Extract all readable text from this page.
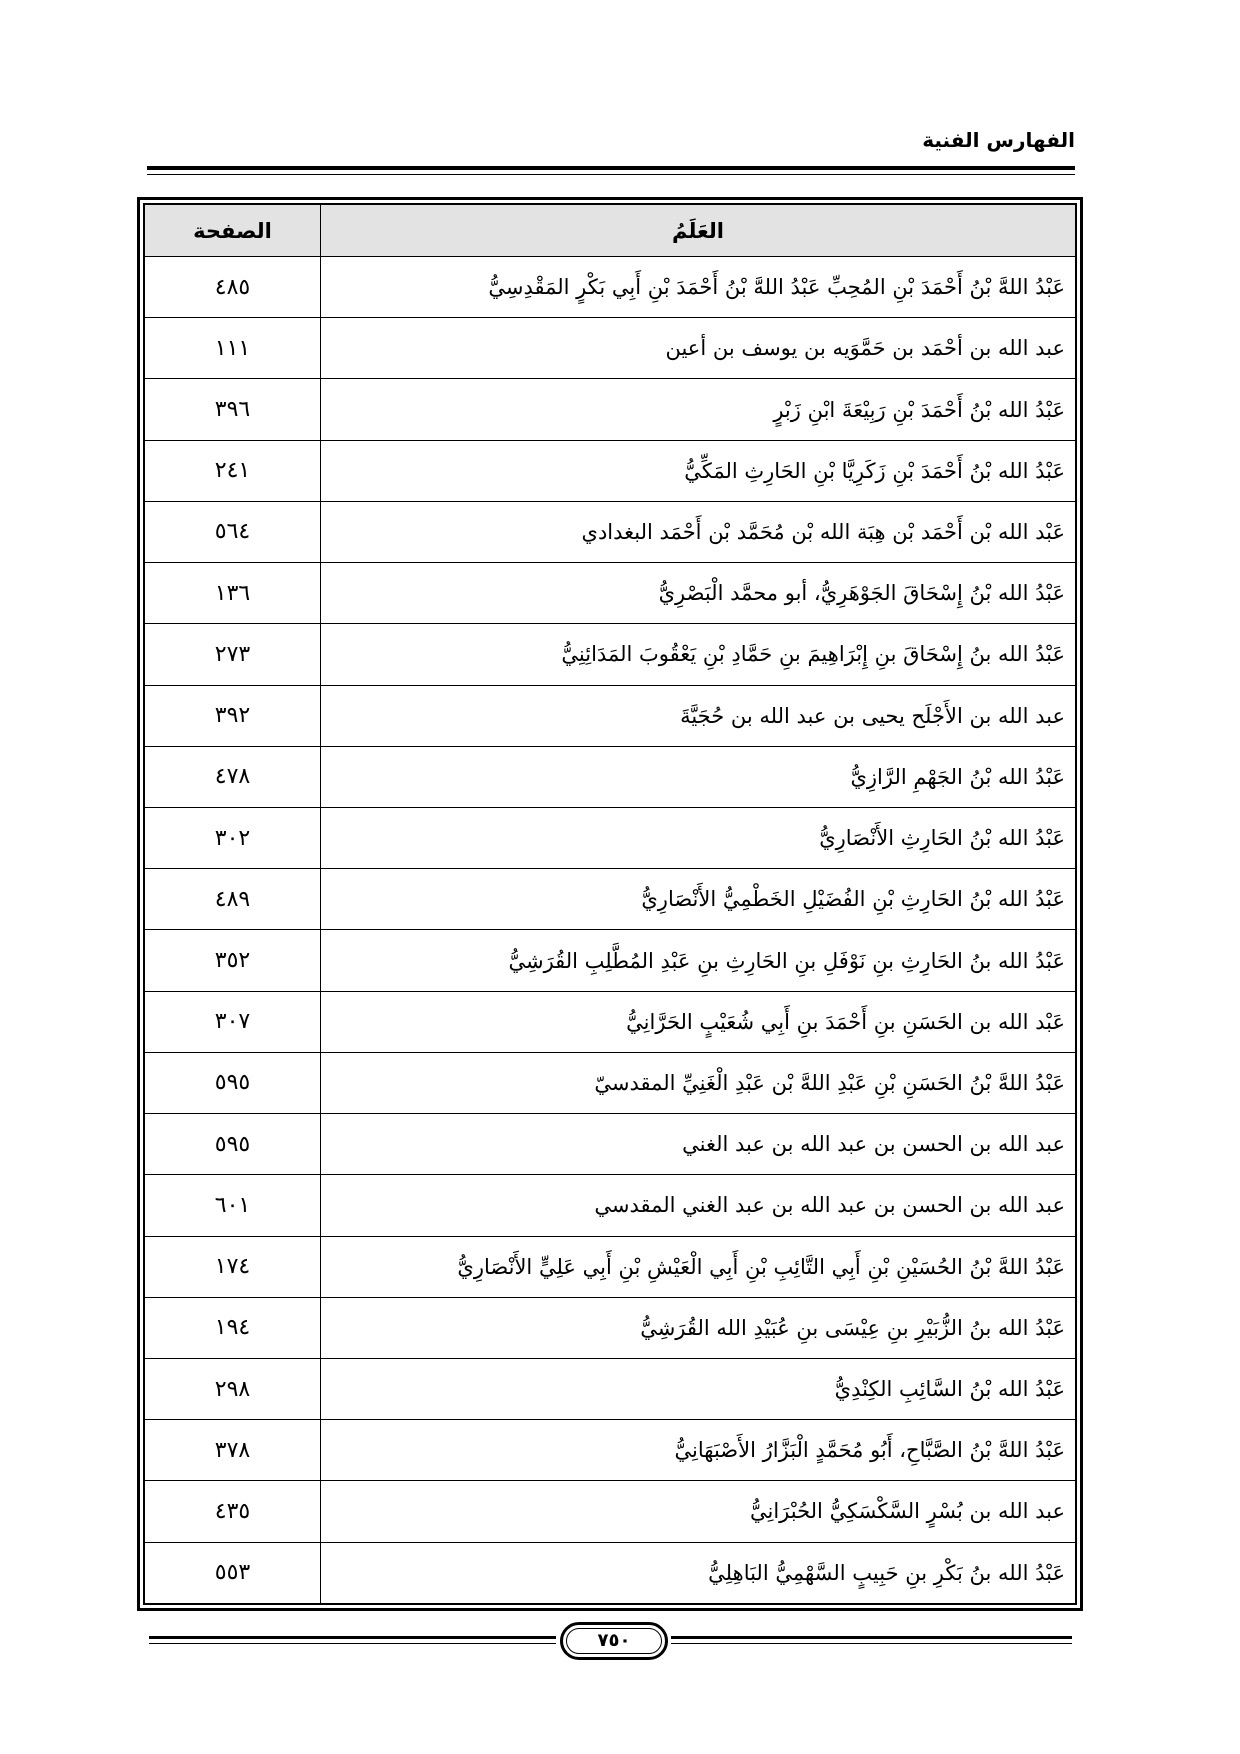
الفهارس الفنية
العَلَمُ	الصفحة
عَبْدُ اللهَّ بْنُ أَحْمَدَ بْنِ المُحِبِّ عَبْدُ اللهَّ بْنُ أَحْمَدَ بْنِ أَبِي بَكْرٍ المَقْدِسِيُّ	٤٨٥
عبد الله بن أحْمَد بن حَمَّوَيه بن يوسف بن أعين	١١١
عَبْدُ الله بْنُ أَحْمَدَ بْنِ رَبِيْعَةَ ابْنِ زَبْرٍ	٣٩٦
عَبْدُ الله بْنُ أَحْمَدَ بْنِ زَكَرِيَّا بْنِ الحَارِثِ المَكِّيُّ	٢٤١
عَبْد الله بْن أَحْمَد بْن هِبَة الله بْن مُحَمَّد بْن أَحْمَد البغدادي	٥٦٤
عَبْدُ الله بْنُ إِسْحَاقَ الجَوْهَرِيُّ، أبو محمَّد الْبَصْرِيُّ	١٣٦
عَبْدُ الله بنُ إِسْحَاقَ بنِ إِبْرَاهِيمَ بنِ حَمَّادِ بْنِ يَعْقُوبَ المَدَائِنِيُّ	٢٧٣
عبد الله بن الأَجْلَح يحيى بن عبد الله بن حُجَيَّةَ	٣٩٢
عَبْدُ الله بْنُ الجَهْمِ الرَّازِيُّ	٤٧٨
عَبْدُ الله بْنُ الحَارِثِ الأَنْصَارِيُّ	٣٠٢
عَبْدُ الله بْنُ الحَارِثِ بْنِ الفُضَيْلِ الخَطْمِيُّ الأَنْصَارِيُّ	٤٨٩
عَبْدُ الله بنُ الحَارِثِ بنِ نَوْفَلِ بنِ الحَارِثِ بنِ عَبْدِ المُطَّلِبِ القُرَشِيُّ	٣٥٢
عَبْد الله بن الحَسَنِ بنِ أَحْمَدَ بنِ أَبِي شُعَيْبٍ الحَرَّانِيُّ	٣٠٧
عَبْدُ اللهَّ بْنُ الحَسَنِ بْنِ عَبْدِ اللهَّ بْن عَبْدِ الْغَنِيِّ المقدسيّ	٥٩٥
عبد الله بن الحسن بن عبد الله بن عبد الغني	٥٩٥
عبد الله بن الحسن بن عبد الله بن عبد الغني المقدسي	٦٠١
عَبْدُ اللهَّ بْنُ الحُسَيْنِ بْنِ أَبِي التَّائِبِ بْنِ أَبِي الْعَيْشِ بْنِ أَبِي عَلِيٍّ الأَنْصَارِيُّ	١٧٤
عَبْدُ الله بنُ الزُّبَيْرِ بنِ عِيْسَى بنِ عُبَيْدِ الله القُرَشِيُّ	١٩٤
عَبْدُ الله بْنُ السَّائِبِ الكِنْدِيُّ	٢٩٨
عَبْدُ اللهَّ بْنُ الصَّبَّاحِ، أَبُو مُحَمَّدٍ الْبَزَّارُ الأَصْبَهَانِيُّ	٣٧٨
عبد الله بن بُسْرٍ السَّكْسَكِيُّ الحُبْرَانِيُّ	٤٣٥
عَبْدُ الله بنُ بَكْرِ بنِ حَبِيبٍ السَّهْمِيُّ البَاهِلِيُّ	٥٥٣
٧٥٠
